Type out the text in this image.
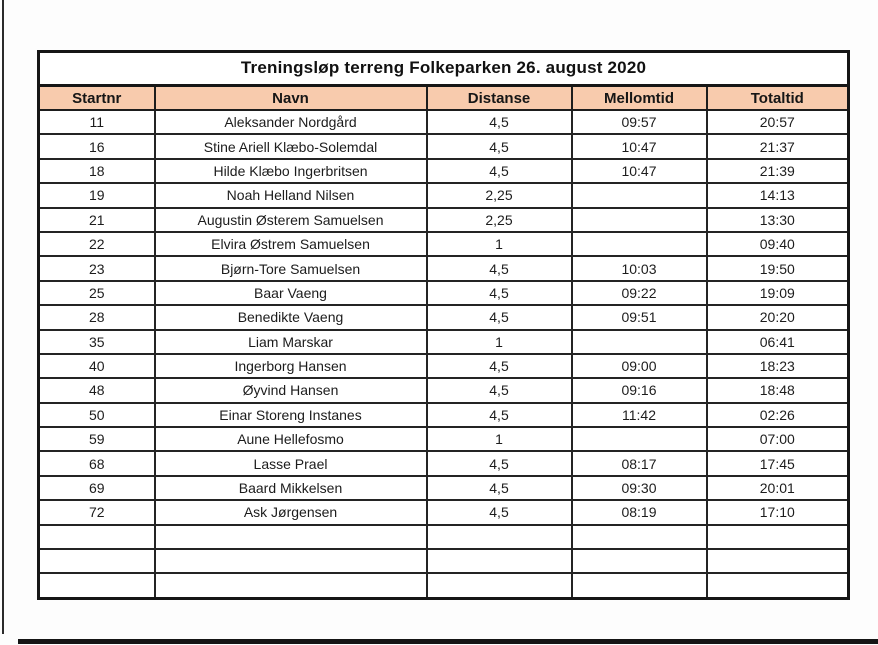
Treningsløp terreng Folkeparken 26. august 2020				
Startnr	Navn	Distanse	Mellomtid	Totaltid
11	Aleksander Nordgård	4,5	09:57	20:57
16	Stine Ariell Klæbo-Solemdal	4,5	10:47	21:37
18	Hilde Klæbo Ingerbritsen	4,5	10:47	21:39
19	Noah Helland Nilsen	2,25		14:13
21	Augustin Østerem Samuelsen	2,25		13:30
22	Elvira Østrem Samuelsen	1		09:40
23	Bjørn-Tore Samuelsen	4,5	10:03	19:50
25	Baar Vaeng	4,5	09:22	19:09
28	Benedikte Vaeng	4,5	09:51	20:20
35	Liam Marskar	1		06:41
40	Ingerborg Hansen	4,5	09:00	18:23
48	Øyvind Hansen	4,5	09:16	18:48
50	Einar Storeng Instanes	4,5	11:42	02:26
59	Aune Hellefosmo	1		07:00
68	Lasse Prael	4,5	08:17	17:45
69	Baard Mikkelsen	4,5	09:30	20:01
72	Ask Jørgensen	4,5	08:19	17:10
